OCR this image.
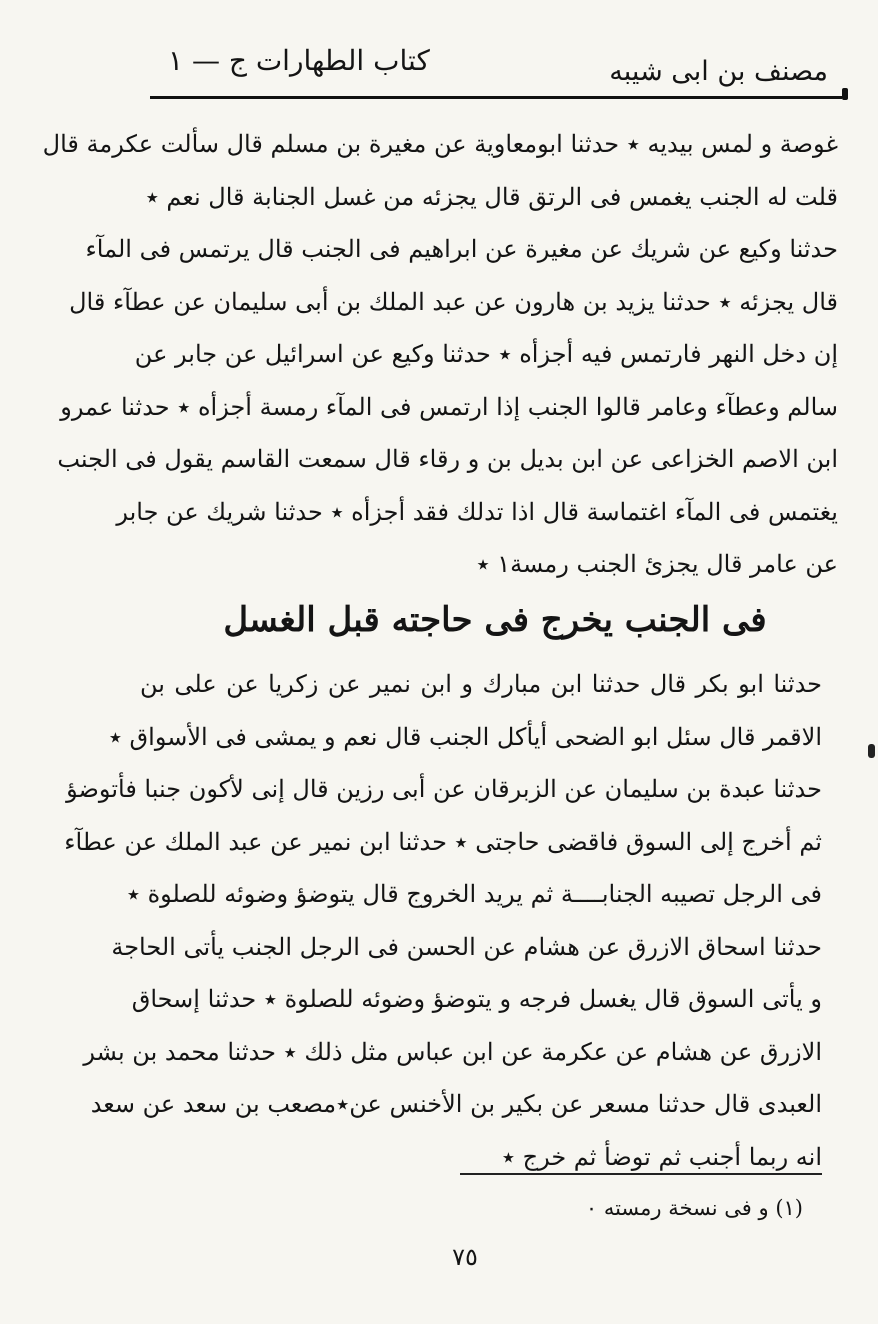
مصنف بن ابى شيبه
كتاب الطهارات ج — ١
غوصة و لمس بيديه ٭ حدثنا ابومعاوية عن مغيرة بن مسلم قال سألت عكرمة قال
قلت له الجنب يغمس فى الرتق قال يجزئه من غسل الجنابة قال نعم ٭
حدثنا وكيع عن شريك عن مغيرة عن ابراهيم فى الجنب قال يرتمس فى المآء
قال يجزئه ٭ حدثنا يزيد بن هارون عن عبد الملك بن أبى سليمان عن عطآء قال
إن دخل النهر فارتمس فيه أجزأه ٭ حدثنا وكيع عن اسرائيل عن جابر عن
سالم وعطآء وعامر قالوا الجنب إذا ارتمس فى المآء رمسة أجزأه ٭ حدثنا عمرو
ابن الاصم الخزاعى عن ابن بديل بن و رقاء قال سمعت القاسم يقول فى الجنب
يغتمس فى المآء اغتماسة قال اذا تدلك فقد أجزأه ٭ حدثنا شريك عن جابر
عن عامر قال يجزئ الجنب رمسة١ ٭
فى الجنب يخرج فى حاجته قبل الغسل
حدثنا ابو بكر قال حدثنا ابن مبارك و ابن نمير عن زكريا عن على بن
الاقمر قال سئل ابو الضحى أيأكل الجنب قال نعم و يمشى فى الأسواق ٭
حدثنا عبدة بن سليمان عن الزبرقان عن أبى رزين قال إنى لأكون جنبا فأتوضؤ
ثم أخرج إلى السوق فاقضى حاجتى ٭ حدثنا ابن نمير عن عبد الملك عن عطآء
فى الرجل تصيبه الجنابــــة ثم يريد الخروج قال يتوضؤ وضوئه للصلوة ٭
حدثنا اسحاق الازرق عن هشام عن الحسن فى الرجل الجنب يأتى الحاجة
و يأتى السوق قال يغسل فرجه و يتوضؤ وضوئه للصلوة ٭ حدثنا إسحاق
الازرق عن هشام عن عكرمة عن ابن عباس مثل ذلك ٭ حدثنا محمد بن بشر
العبدى قال حدثنا مسعر عن بكير بن الأخنس عن٭مصعب بن سعد عن سعد
انه ربما أجنب ثم توضأ ثم خرج ٭
(١) و فى نسخة رمسته ٠
٧٥
